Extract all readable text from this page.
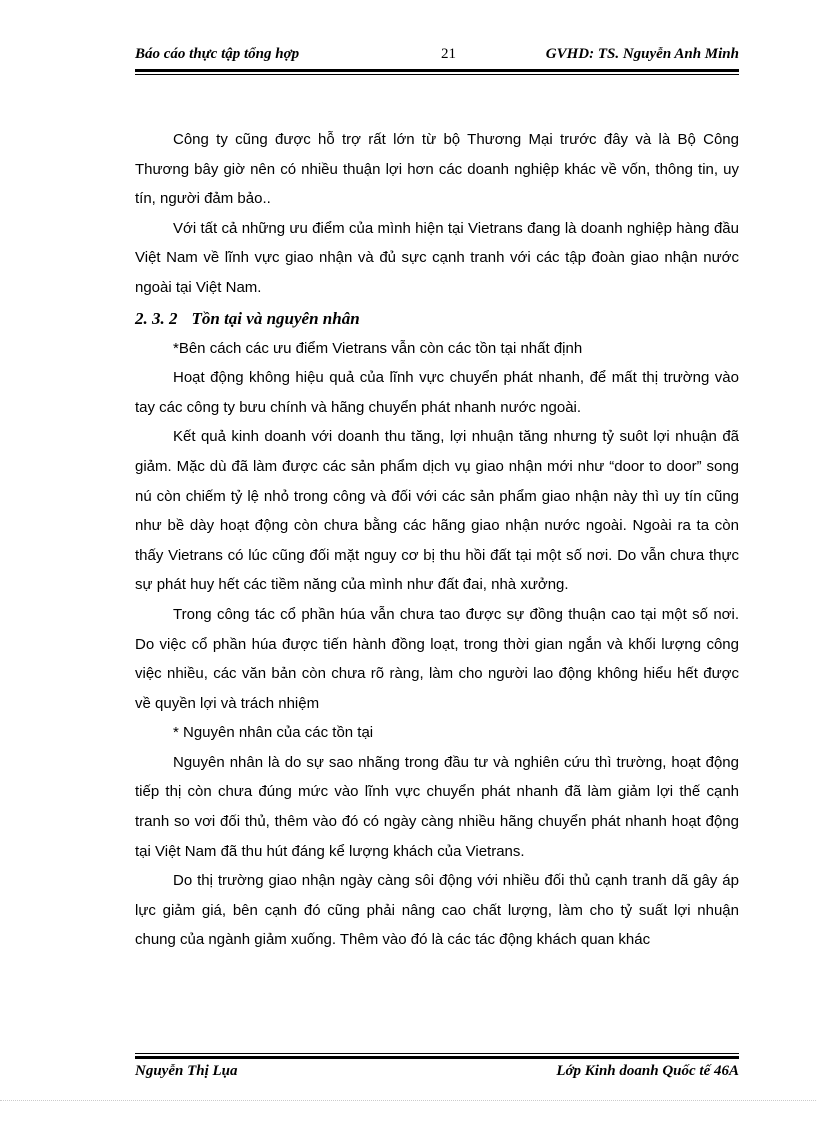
Báo cáo thực tập tổng hợp	21	GVHD: TS. Nguyễn Anh Minh

Công ty cũng được hỗ trợ rất lớn từ bộ Thương Mại trước đây và là Bộ Công Thương bây giờ nên có nhiều thuận lợi hơn các doanh nghiệp khác về vốn, thông tin, uy tín, người đảm bảo..

Với tất cả những ưu điểm của mình hiện tại Vietrans đang là doanh nghiệp hàng đầu Việt Nam về lĩnh vực giao nhận và đủ sực cạnh tranh với các tập đoàn giao nhận nước ngoài tại Việt Nam.

2. 3. 2 Tồn tại và nguyên nhân

*Bên cách các ưu điểm Vietrans vẫn còn các tồn tại nhất định

Hoạt động không hiệu quả của lĩnh vực chuyển phát nhanh, để mất thị trường vào tay các công ty bưu chính và hãng chuyển phát nhanh nước ngoài.

Kết quả kinh doanh với doanh thu tăng, lợi nhuận tăng nhưng tỷ suôt lợi nhuận đã giảm. Mặc dù đã làm được các sản phẩm dịch vụ giao nhận mới như “door to door” song nú còn chiếm tỷ lệ nhỏ trong công và đối với các sản phẩm giao nhận này thì uy tín cũng như bề dày hoạt động còn chưa bằng các hãng giao nhận nước ngoài. Ngoài ra ta còn thấy Vietrans có lúc cũng đối mặt nguy cơ bị thu hồi đất tại một số nơi. Do vẫn chưa thực sự phát huy hết các tiềm năng của mình như đất đai, nhà xưởng.

Trong công tác cổ phần húa vẫn chưa tao được sự đồng thuận cao tại một số nơi. Do việc cổ phần húa được tiến hành đồng loạt, trong thời gian ngắn và khối lượng công việc nhiều, các văn bản còn chưa rõ ràng, làm cho người lao động không hiểu hết được về quyền lợi và trách nhiệm

* Nguyên nhân của các tồn tại

Nguyên nhân là do sự sao nhãng trong đầu tư và nghiên cứu thì trường, hoạt động tiếp thị còn chưa đúng mức vào lĩnh vực chuyển phát nhanh đã làm giảm lợi thế cạnh tranh so vơi đối thủ, thêm vào đó có ngày càng nhiều hãng chuyển phát nhanh hoạt động tại Việt Nam đã thu hút đáng kể lượng khách của Vietrans.

Do thị trường giao nhận ngày càng sôi động với nhiều đối thủ cạnh tranh dã gây áp lực giảm giá, bên cạnh đó cũng phải nâng cao chất lượng, làm cho tỷ suất lợi nhuận chung của ngành giảm xuống. Thêm vào đó là các tác động khách quan khác

Nguyễn Thị Lụa	Lớp Kinh doanh Quốc tế 46A
